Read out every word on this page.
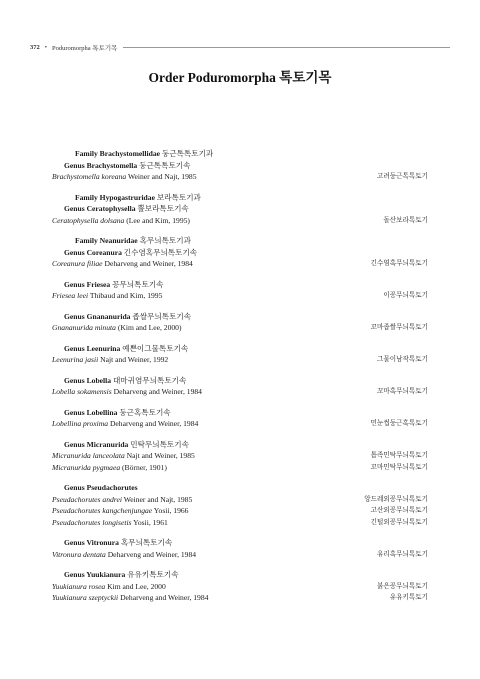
372 • Poduromorpha 톡토기목
Order Poduromorpha 톡토기목
Family Brachystomellidae 둥근톡톡토기과
Genus Brachystomella 둥근톡톡토기속
Brachystomella koreana Weiner and Najt, 1985	고려둥근톡톡토기
Family Hypogastruridae 보라톡토기과
Genus Ceratophysella 뿔보라톡토기속
Ceratophysella dolsana (Lee and Kim, 1995)	돌산보라톡토기
Family Neanuridae 혹무늬톡토기과
Genus Coreanura 긴수염혹무늬톡토기속
Coreanura filiae Deharveng and Weiner, 1984	긴수염혹무늬톡토기
Genus Friesea 꽁무늬톡토기속
Friesea leei Thibaud and Kim, 1995	이꽁무늬톡토기
Genus Gnananurida 좁쌀무늬톡토기속
Gnananurida minuta (Kim and Lee, 2000)	꼬마좁쌀무늬톡토기
Genus Leenurina 예쁜이그물톡토기속
Leenurina jasii Najt and Weiner, 1992	그물이남작톡토기
Genus Lobella 대마귀염무늬톡토기속
Lobella sokamensis Deharveng and Weiner, 1984	꼬마혹무늬톡토기
Genus Lobellina 둥근혹톡토기속
Lobellina proxima Deharveng and Weiner, 1984	민눈썹둥근혹톡토기
Genus Micranurida 민탁무늬톡토기속
Micranurida lanceolata Najt and Weiner, 1985	톱족민탁무늬톡토기
Micranurida pygmaea (Börner, 1901)	꼬마민탁무늬톡토기
Genus Pseudachorutes
Pseudachorutes andrei Weiner and Najt, 1985	앙드레외꽁무늬톡토기
Pseudachorutes kangchenjungae Yosii, 1966	고산외꽁무늬톡토기
Pseudachorutes longisetis Yosii, 1961	긴털외꽁무늬톡토기
Genus Vitronura 혹무늬톡토기속
Vitronura dentata Deharveng and Weiner, 1984	유리혹무늬톡토기
Genus Yuukianura 유유키톡토기속
Yuukianura rosea Kim and Lee, 2000	붉은꽁무늬톡토기
Yuukianura szeptyckii Deharveng and Weiner, 1984	유유키톡토기
